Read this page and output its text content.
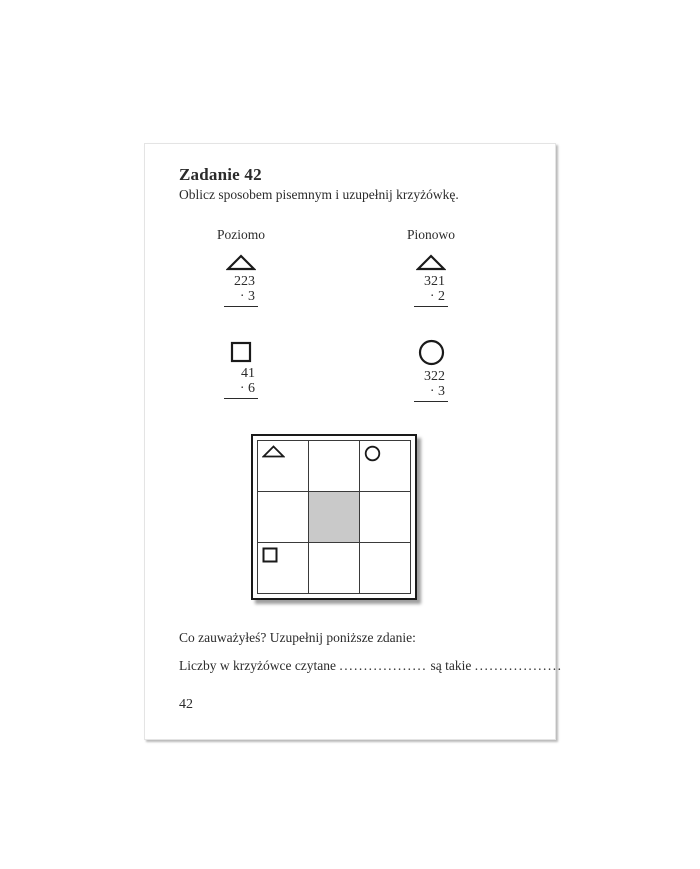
Zadanie 42
Oblicz sposobem pisemnym i uzupełnij krzyżówkę.
Poziomo	Pionowo
223
· 3
41
· 6
321
· 2
322
· 3
Co zauważyłeś? Uzupełnij poniższe zdanie:
Liczby w krzyżówce czytane .................. są takie ..................
42
